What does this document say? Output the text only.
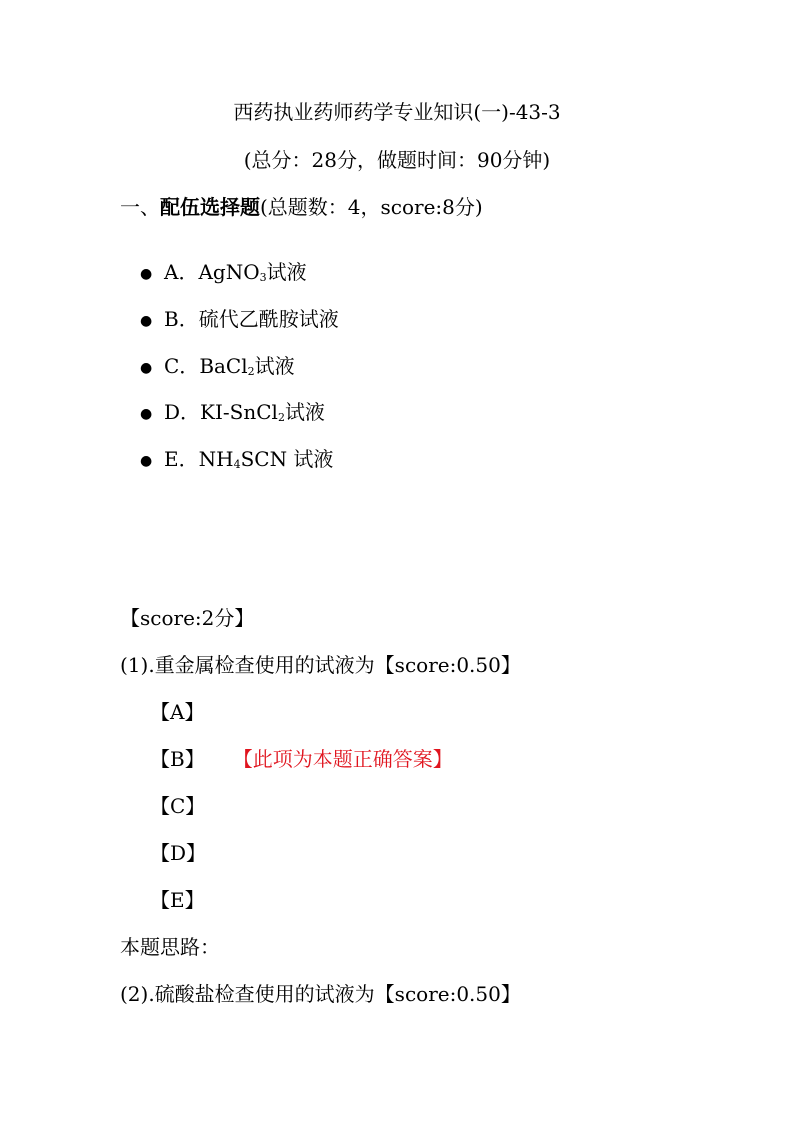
西药执业药师药学专业知识(一)-43-3
(总分：28分，做题时间：90分钟)
一、配伍选择题(总题数：4，score:8分)
● A．AgNO$_3$试液
● B．硫代乙酰胺试液
● C．BaCl$_2$试液
● D．KI-SnCl$_2$试液
● E．$NH_4SCN$ 试液
【score:2分】
(1).重金属检查使用的试液为【score:0.50】
【A】
【B】 【此项为本题正确答案】
【C】
【D】
【E】
本题思路：
(2).硫酸盐检查使用的试液为【score:0.50】
